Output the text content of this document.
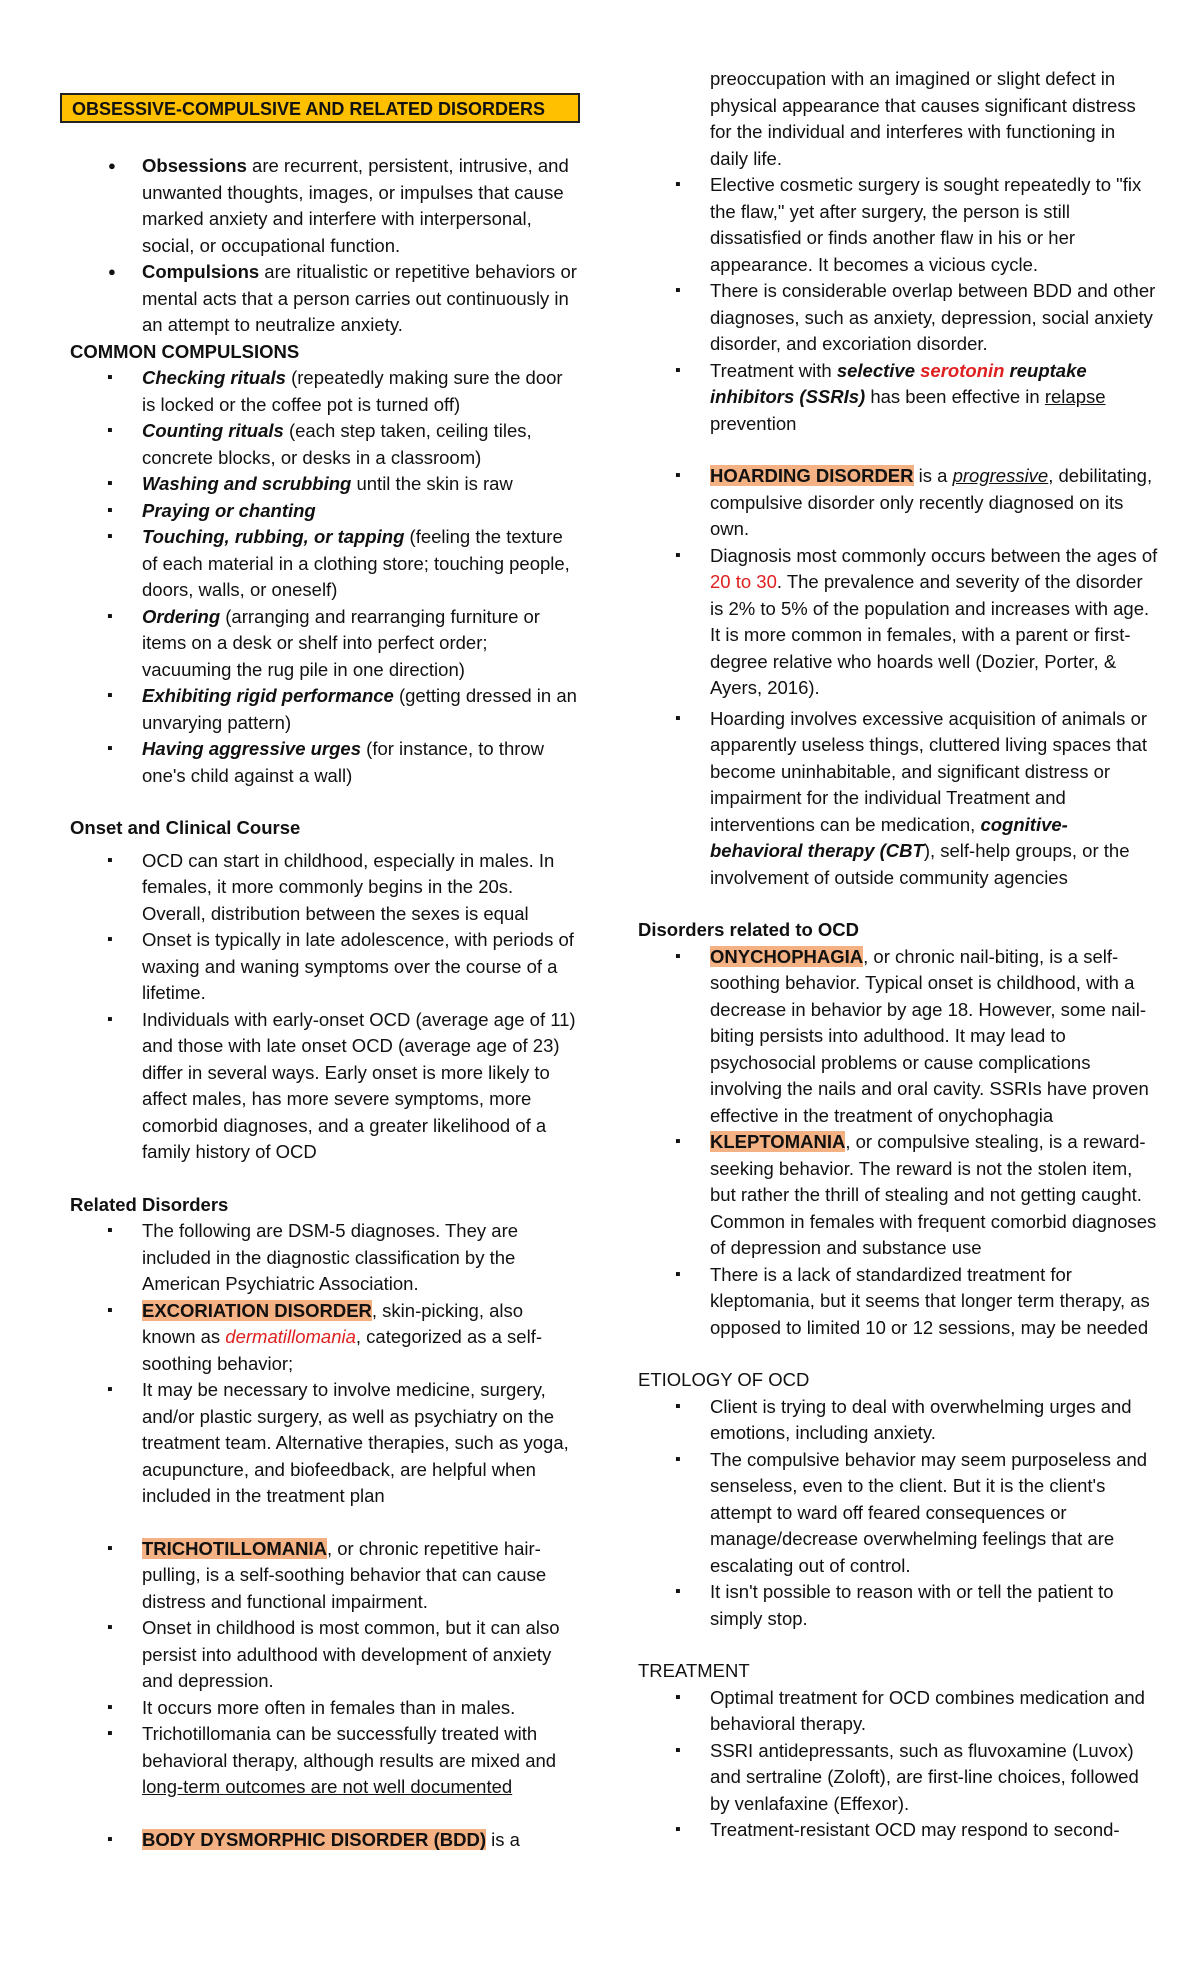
OBSESSIVE-COMPULSIVE AND RELATED DISORDERS
● Obsessions are recurrent, persistent, intrusive, and unwanted thoughts, images, or impulses that cause marked anxiety and interfere with interpersonal, social, or occupational function.
● Compulsions are ritualistic or repetitive behaviors or mental acts that a person carries out continuously in an attempt to neutralize anxiety.

COMMON COMPULSIONS

▪ Checking rituals (repeatedly making sure the door is locked or the coffee pot is turned off)
▪ Counting rituals (each step taken, ceiling tiles, concrete blocks, or desks in a classroom)
▪ Washing and scrubbing until the skin is raw
▪ Praying or chanting
▪ Touching, rubbing, or tapping (feeling the texture of each material in a clothing store; touching people, doors, walls, or oneself)
▪ Ordering (arranging and rearranging furniture or items on a desk or shelf into perfect order; vacuuming the rug pile in one direction)
▪ Exhibiting rigid performance (getting dressed in an unvarying pattern)
▪ Having aggressive urges (for instance, to throw one's child against a wall)

Onset and Clinical Course

▪ OCD can start in childhood, especially in males. In females, it more commonly begins in the 20s. Overall, distribution between the sexes is equal
▪ Onset is typically in late adolescence, with periods of waxing and waning symptoms over the course of a lifetime.
▪ Individuals with early-onset OCD (average age of 11) and those with late onset OCD (average age of 23) differ in several ways. Early onset is more likely to affect males, has more severe symptoms, more comorbid diagnoses, and a greater likelihood of a family history of OCD

Related Disorders

▪ The following are DSM-5 diagnoses. They are included in the diagnostic classification by the American Psychiatric Association.
▪ EXCORIATION DISORDER, skin-picking, also known as dermatillomania, categorized as a self- soothing behavior;
▪ It may be necessary to involve medicine, surgery, and/or plastic surgery, as well as psychiatry on the treatment team. Alternative therapies, such as yoga, acupuncture, and biofeedback, are helpful when included in the treatment plan
▪ TRICHOTILLOMANIA, or chronic repetitive hair- pulling, is a self-soothing behavior that can cause distress and functional impairment.
▪ Onset in childhood is most common, but it can also persist into adulthood with development of anxiety and depression.
▪ It occurs more often in females than in males.
▪ Trichotillomania can be successfully treated with behavioral therapy, although results are mixed and long-term outcomes are not well documented
▪ BODY DYSMORPHIC DISORDER (BDD) is a
preoccupation with an imagined or slight defect in physical appearance that causes significant distress for the individual and interferes with functioning in daily life.
▪ Elective cosmetic surgery is sought repeatedly to "fix the flaw," yet after surgery, the person is still dissatisfied or finds another flaw in his or her appearance. It becomes a vicious cycle.
▪ There is considerable overlap between BDD and other diagnoses, such as anxiety, depression, social anxiety disorder, and excoriation disorder.
▪ Treatment with selective serotonin reuptake inhibitors (SSRIs) has been effective in relapse prevention
▪ HOARDING DISORDER is a progressive, debilitating, compulsive disorder only recently diagnosed on its own.
▪ Diagnosis most commonly occurs between the ages of 20 to 30. The prevalence and severity of the disorder is 2% to 5% of the population and increases with age. It is more common in females, with a parent or first- degree relative who hoards well (Dozier, Porter, & Ayers, 2016).
▪ Hoarding involves excessive acquisition of animals or apparently useless things, cluttered living spaces that become uninhabitable, and significant distress or impairment for the individual Treatment and interventions can be medication, cognitive-behavioral therapy (CBT), self-help groups, or the involvement of outside community agencies

Disorders related to OCD

▪ ONYCHOPHAGIA, or chronic nail-biting, is a self-soothing behavior. Typical onset is childhood, with a decrease in behavior by age 18. However, some nail-biting persists into adulthood. It may lead to psychosocial problems or cause complications involving the nails and oral cavity. SSRIs have proven effective in the treatment of onychophagia
▪ KLEPTOMANIA, or compulsive stealing, is a reward-seeking behavior. The reward is not the stolen item, but rather the thrill of stealing and not getting caught. Common in females with frequent comorbid diagnoses of depression and substance use
▪ There is a lack of standardized treatment for kleptomania, but it seems that longer term therapy, as opposed to limited 10 or 12 sessions, may be needed

ETIOLOGY OF OCD

▪ Client is trying to deal with overwhelming urges and emotions, including anxiety.
▪ The compulsive behavior may seem purposeless and senseless, even to the client. But it is the client's attempt to ward off feared consequences or manage/decrease overwhelming feelings that are escalating out of control.
▪ It isn't possible to reason with or tell the patient to simply stop.

TREATMENT

▪ Optimal treatment for OCD combines medication and behavioral therapy.
▪ SSRI antidepressants, such as fluvoxamine (Luvox) and sertraline (Zoloft), are first-line choices, followed by venlafaxine (Effexor).
▪ Treatment-resistant OCD may respond to second-
